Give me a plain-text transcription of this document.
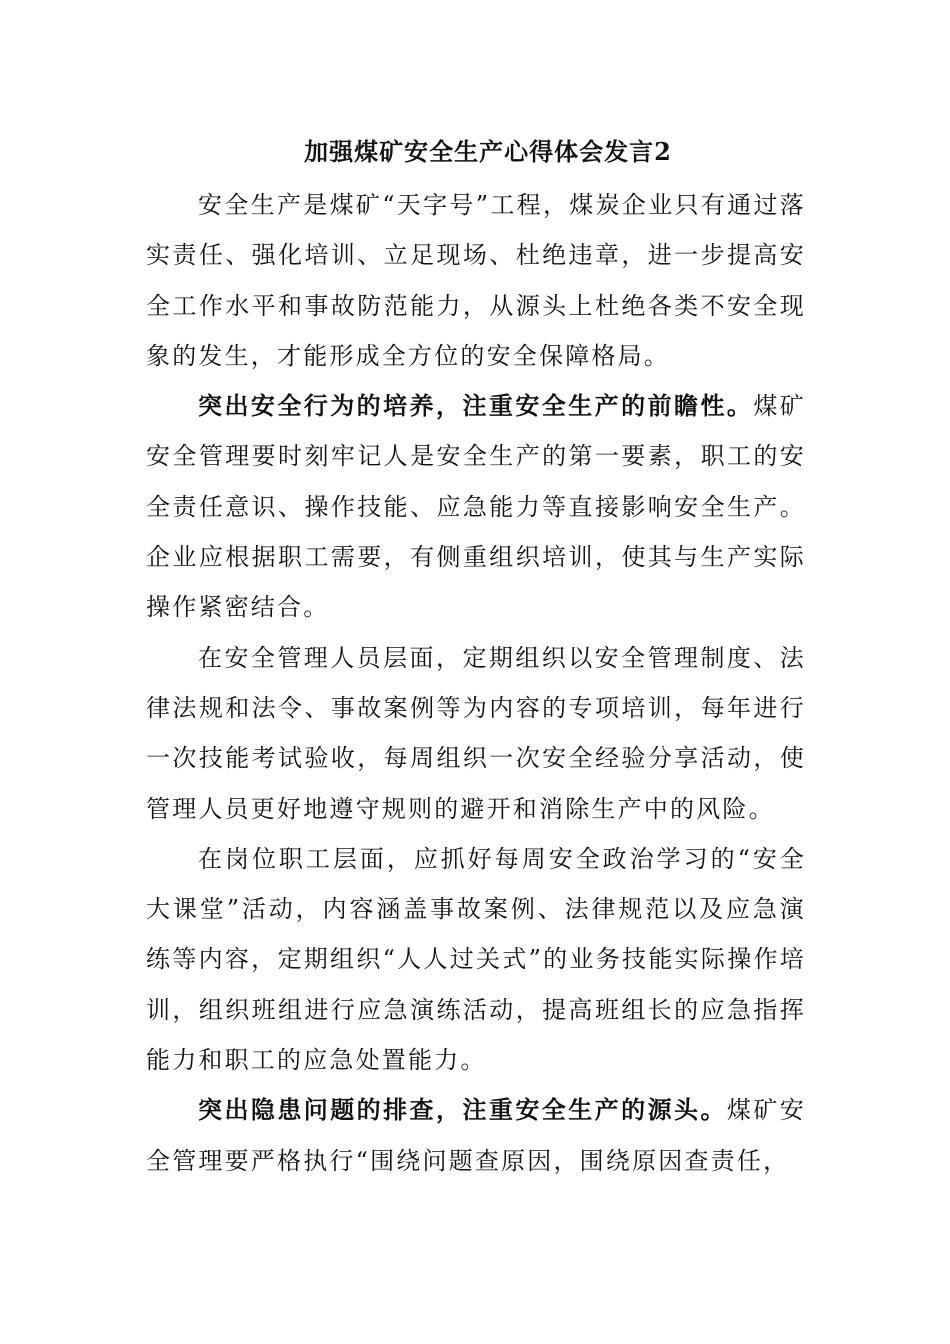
加强煤矿安全生产心得体会发言2

安全生产是煤矿“天字号”工程，煤炭企业只有通过落实责任、强化培训、立足现场、杜绝违章，进一步提高安全工作水平和事故防范能力，从源头上杜绝各类不安全现象的发生，才能形成全方位的安全保障格局。

突出安全行为的培养，注重安全生产的前瞻性。煤矿安全管理要时刻牢记人是安全生产的第一要素，职工的安全责任意识、操作技能、应急能力等直接影响安全生产。企业应根据职工需要，有侧重组织培训，使其与生产实际操作紧密结合。

在安全管理人员层面，定期组织以安全管理制度、法律法规和法令、事故案例等为内容的专项培训，每年进行一次技能考试验收，每周组织一次安全经验分享活动，使管理人员更好地遵守规则的避开和消除生产中的风险。

在岗位职工层面，应抓好每周安全政治学习的“安全大课堂”活动，内容涵盖事故案例、法律规范以及应急演练等内容，定期组织“人人过关式”的业务技能实际操作培训，组织班组进行应急演练活动，提高班组长的应急指挥能力和职工的应急处置能力。

突出隐患问题的排查，注重安全生产的源头。煤矿安全管理要严格执行“围绕问题查原因，围绕原因查责任，
